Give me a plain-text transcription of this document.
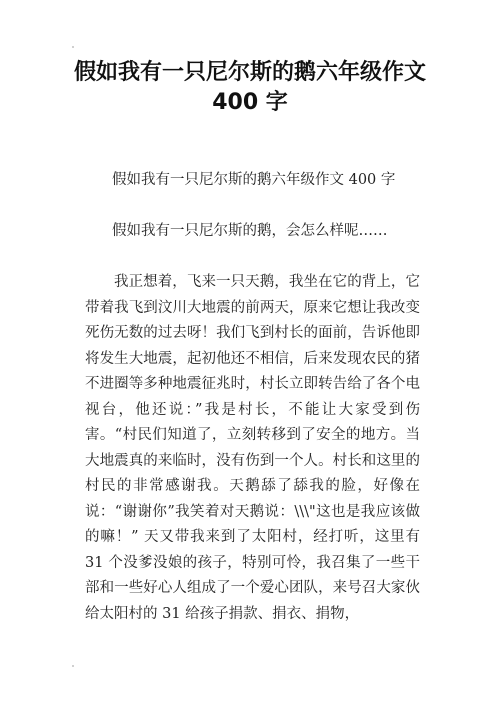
假如我有一只尼尔斯的鹅六年级作文
400 字
假如我有一只尼尔斯的鹅六年级作文 400 字
假如我有一只尼尔斯的鹅，会怎么样呢……

我正想着，飞来一只天鹅，我坐在它的背上，它带着我飞到汶川大地震的前两天，原来它想让我改变死伤无数的过去呀！我们飞到村长的面前，告诉他即将发生大地震，起初他还不相信，后来发现农民的猪不进圈等多种地震征兆时，村长立即转告给了各个电视台，他还说：”我是村长，不能让大家受到伤害。“村民们知道了，立刻转移到了安全的地方。当大地震真的来临时，没有伤到一个人。村长和这里的村民的非常感谢我。天鹅舔了舔我的脸，好像在说：“谢谢你”我笑着对天鹅说：\\\"这也是我应该做的嘛！” 天又带我来到了太阳村，经打听，这里有 31 个没爹没娘的孩子，特别可怜，我召集了一些干部和一些好心人组成了一个爱心团队，来号召大家伙给太阳村的 31 给孩子捐款、捐衣、捐物，
